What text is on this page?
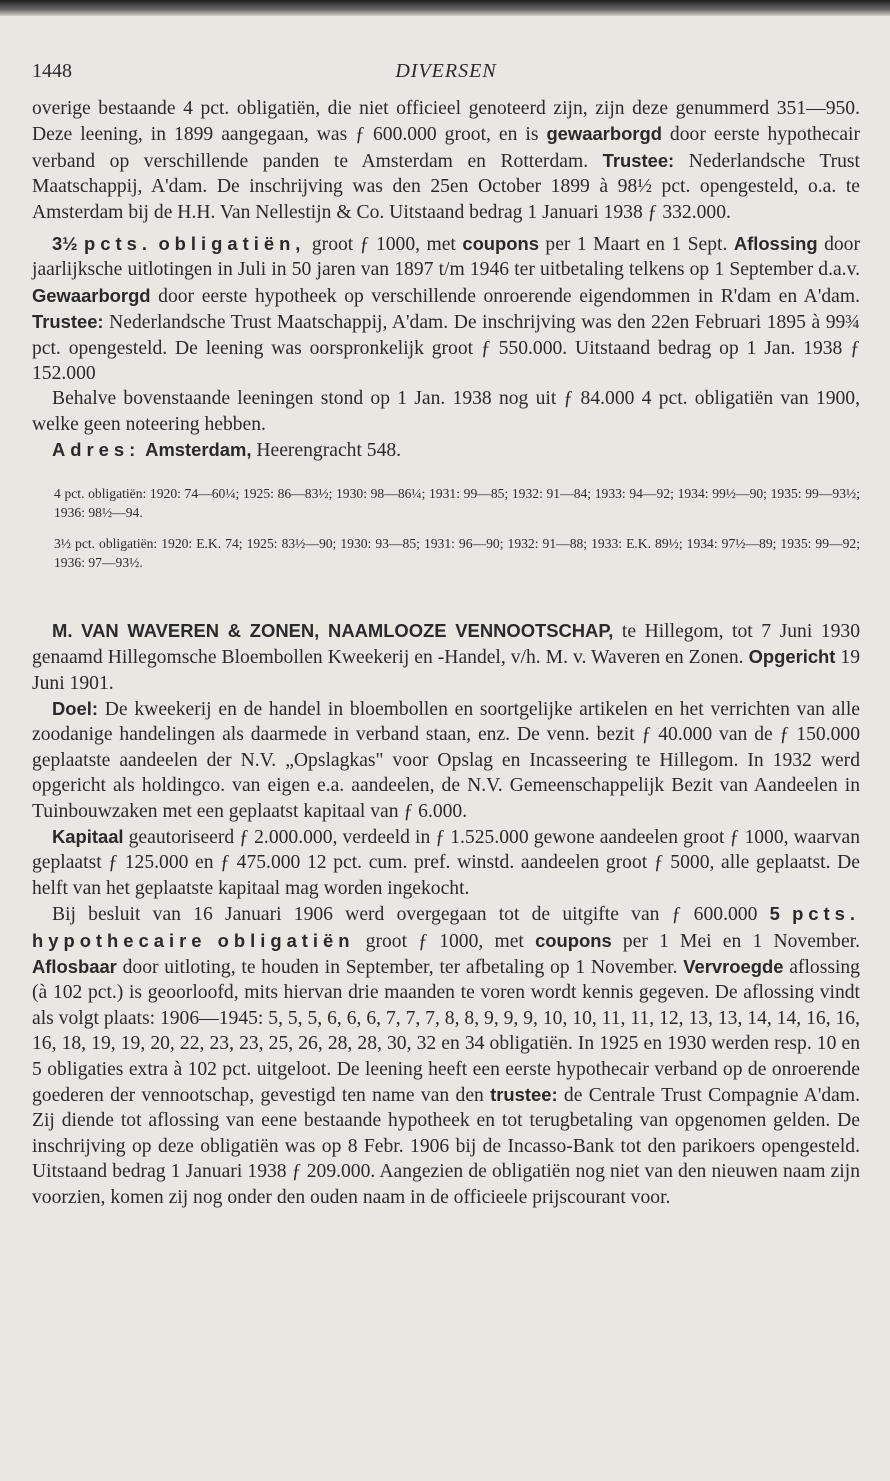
1448	DIVERSEN

overige bestaande 4 pct. obligatiën, die niet officieel genoteerd zijn, zijn deze genummerd 351—950. Deze leening, in 1899 aangegaan, was ƒ 600.000 groot, en is gewaarborgd door eerste hypothecair verband op verschillende panden te Amsterdam en Rotterdam. Trustee: Nederlandsche Trust Maatschappij, A'dam. De inschrijving was den 25en October 1899 à 98½ pct. opengesteld, o.a. te Amsterdam bij de H.H. Van Nellestijn & Co. Uitstaand bedrag 1 Januari 1938 ƒ 332.000.

3½ pcts. obligatiën, groot ƒ 1000, met coupons per 1 Maart en 1 Sept. Aflossing door jaarlijksche uitlotingen in Juli in 50 jaren van 1897 t/m 1946 ter uitbetaling telkens op 1 September d.a.v. Gewaarborgd door eerste hypotheek op verschillende onroerende eigendommen in R'dam en A'dam. Trustee: Nederlandsche Trust Maatschappij, A'dam. De inschrijving was den 22en Februari 1895 à 99¾ pct. opengesteld. De leening was oorspronkelijk groot ƒ 550.000. Uitstaand bedrag op 1 Jan. 1938 ƒ 152.000

Behalve bovenstaande leeningen stond op 1 Jan. 1938 nog uit ƒ 84.000 4 pct. obligatiën van 1900, welke geen noteering hebben.

Adres: Amsterdam, Heerengracht 548.

4 pct. obligatiën: 1920: 74—60¼; 1925: 86—83½; 1930: 98—86¼; 1931: 99—85; 1932: 91—84; 1933: 94—92; 1934: 99½—90; 1935: 99—93½; 1936: 98½—94.

3½ pct. obligatiën: 1920: E.K. 74; 1925: 83½—90; 1930: 93—85; 1931: 96—90; 1932: 91—88; 1933: E.K. 89½; 1934: 97½—89; 1935: 99—92; 1936: 97—93½.

M. VAN WAVEREN & ZONEN, NAAMLOOZE VENNOOTSCHAP, te Hillegom, tot 7 Juni 1930 genaamd Hillegomsche Bloembollen Kweekerij en -Handel, v/h. M. v. Waveren en Zonen. Opgericht 19 Juni 1901.

Doel: De kweekerij en de handel in bloembollen en soortgelijke artikelen en het verrichten van alle zoodanige handelingen als daarmede in verband staan, enz. De venn. bezit ƒ 40.000 van de ƒ 150.000 geplaatste aandeelen der N.V. „Opslagkas" voor Opslag en Incasseering te Hillegom. In 1932 werd opgericht als holdingco. van eigen e.a. aandeelen, de N.V. Gemeenschappelijk Bezit van Aandeelen in Tuinbouwzaken met een geplaatst kapitaal van ƒ 6.000.

Kapitaal geautoriseerd ƒ 2.000.000, verdeeld in ƒ 1.525.000 gewone aandeelen groot ƒ 1000, waarvan geplaatst ƒ 125.000 en ƒ 475.000 12 pct. cum. pref. winstd. aandeelen groot ƒ 5000, alle geplaatst. De helft van het geplaatste kapitaal mag worden ingekocht.

Bij besluit van 16 Januari 1906 werd overgegaan tot de uitgifte van ƒ 600.000 5 pcts. hypothecaire obligatiën groot ƒ 1000, met coupons per 1 Mei en 1 November. Aflosbaar door uitloting, te houden in September, ter afbetaling op 1 November. Vervroegde aflossing (à 102 pct.) is geoorloofd, mits hiervan drie maanden te voren wordt kennis gegeven. De aflossing vindt als volgt plaats: 1906—1945: 5, 5, 5, 6, 6, 6, 7, 7, 7, 8, 8, 9, 9, 9, 10, 10, 11, 11, 12, 13, 13, 14, 14, 16, 16, 16, 18, 19, 19, 20, 22, 23, 23, 25, 26, 28, 28, 30, 32 en 34 obligatiën. In 1925 en 1930 werden resp. 10 en 5 obligaties extra à 102 pct. uitgeloot. De leening heeft een eerste hypothecair verband op de onroerende goederen der vennootschap, gevestigd ten name van den trustee: de Centrale Trust Compagnie A'dam. Zij diende tot aflossing van eene bestaande hypotheek en tot terugbetaling van opgenomen gelden. De inschrijving op deze obligatiën was op 8 Febr. 1906 bij de Incasso-Bank tot den parikoers opengesteld. Uitstaand bedrag 1 Januari 1938 ƒ 209.000. Aangezien de obligatiën nog niet van den nieuwen naam zijn voorzien, komen zij nog onder den ouden naam in de officieele prijscourant voor.
